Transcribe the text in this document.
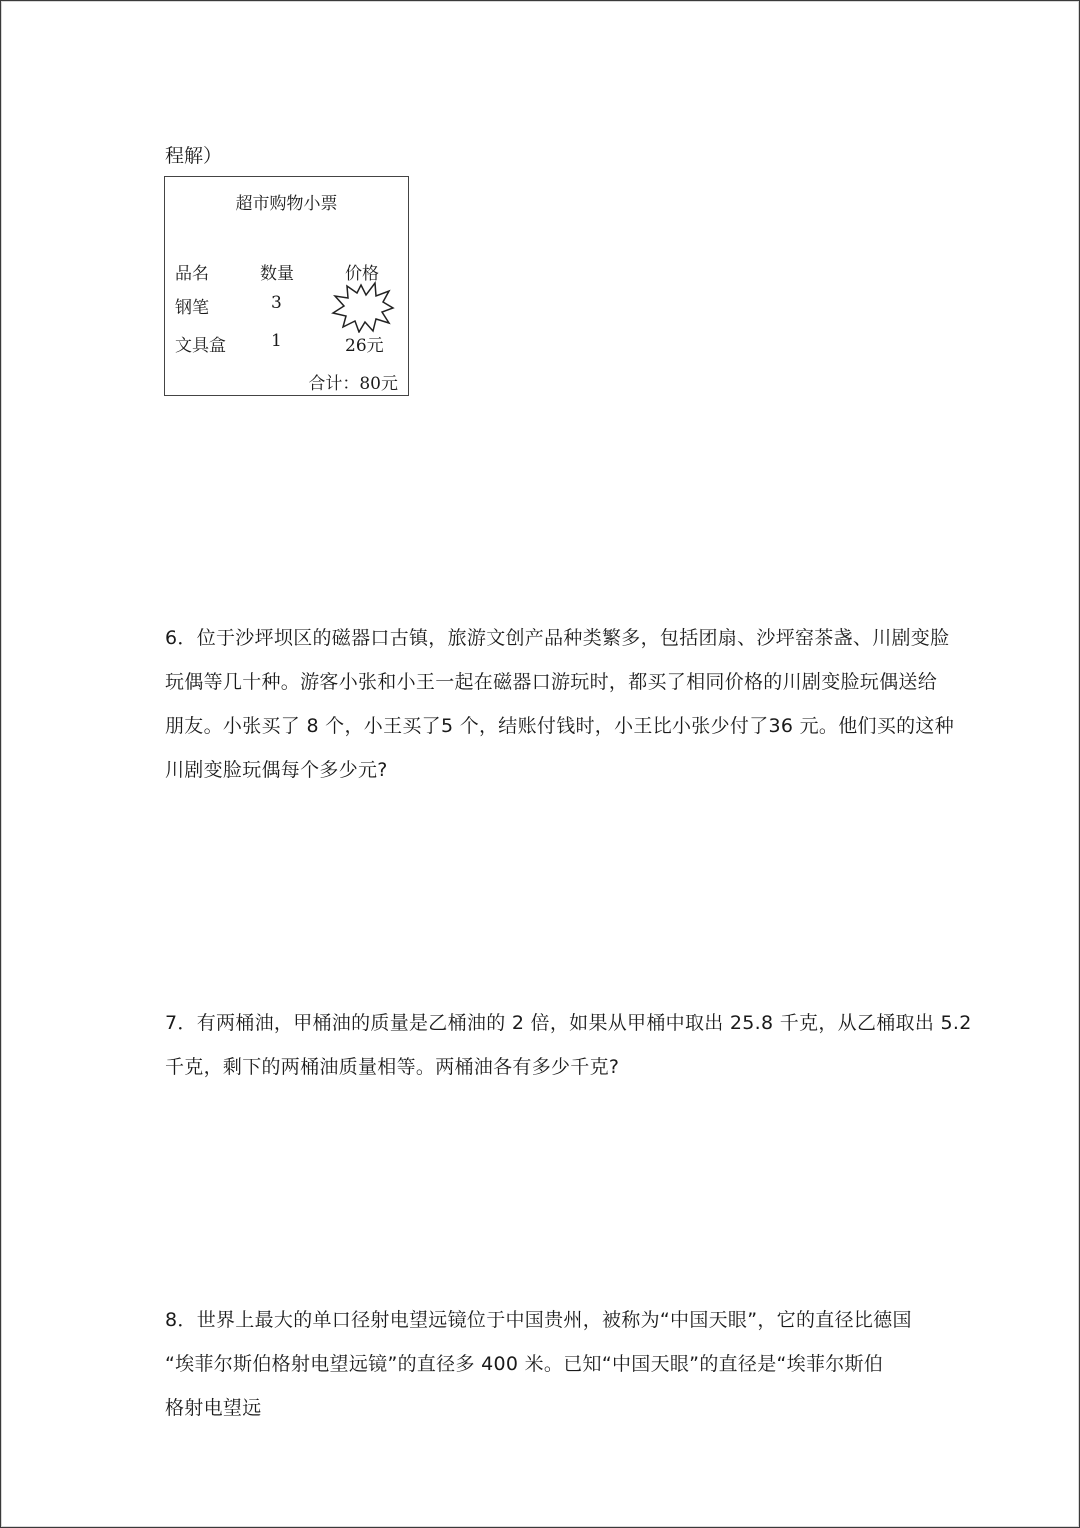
程解）
超市购物小票
品名	数量	价格
钢笔	3
文具盒	1	26元
合计：80元
6．位于沙坪坝区的磁器口古镇，旅游文创产品种类繁多，包括团扇、沙坪窑茶盏、川剧变脸
玩偶等几十种。游客小张和小王一起在磁器口游玩时，都买了相同价格的川剧变脸玩偶送给
朋友。小张买了 8 个，小王买了5 个，结账付钱时，小王比小张少付了36 元。他们买的这种
川剧变脸玩偶每个多少元?
7．有两桶油，甲桶油的质量是乙桶油的 2 倍，如果从甲桶中取出 25.8 千克，从乙桶取出 5.2
千克，剩下的两桶油质量相等。两桶油各有多少千克?
8．世界上最大的单口径射电望远镜位于中国贵州，被称为“中国天眼”，它的直径比德国
“埃菲尔斯伯格射电望远镜”的直径多 400 米。已知“中国天眼”的直径是“埃菲尔斯伯
格射电望远
